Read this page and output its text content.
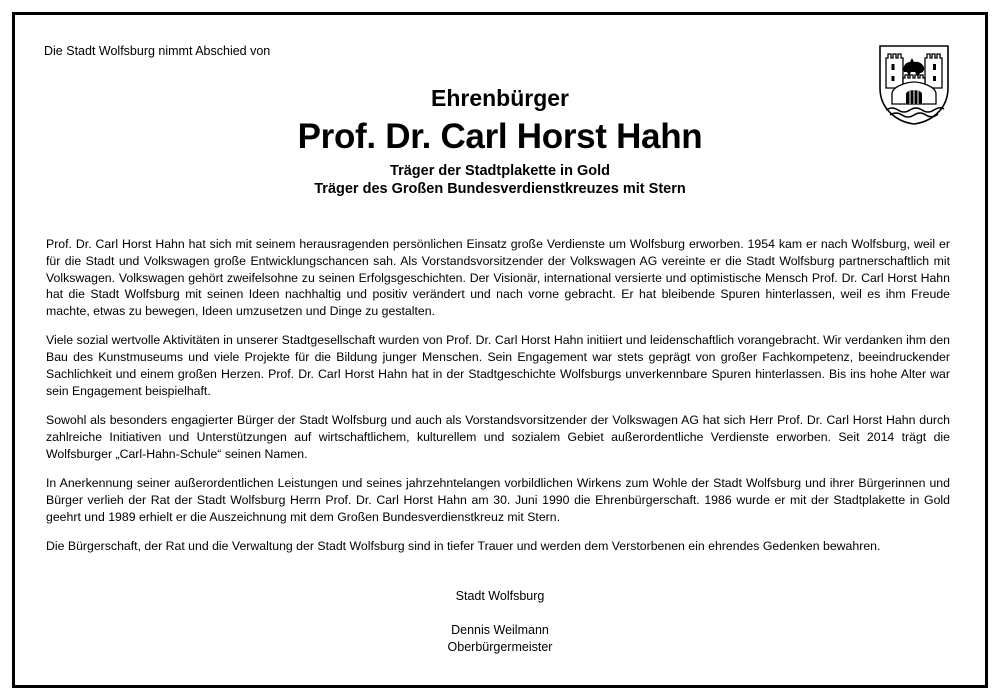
Die Stadt Wolfsburg nimmt Abschied von
Ehrenbürger
Prof. Dr. Carl Horst Hahn
Träger der Stadtplakette in Gold
Träger des Großen Bundesverdienstkreuzes mit Stern

Prof. Dr. Carl Horst Hahn hat sich mit seinem herausragenden persönlichen Einsatz große Verdienste um Wolfsburg erworben. 1954 kam er nach Wolfsburg, weil er für die Stadt und Volkswagen große Entwicklungschancen sah. Als Vorstandsvorsitzender der Volkswagen AG vereinte er die Stadt Wolfsburg partnerschaftlich mit Volkswagen. Volkswagen gehört zweifelsohne zu seinen Erfolgsgeschichten. Der Visionär, international versierte und optimistische Mensch Prof. Dr. Carl Horst Hahn hat die Stadt Wolfsburg mit seinen Ideen nachhaltig und positiv verändert und nach vorne gebracht. Er hat bleibende Spuren hinterlassen, weil es ihm Freude machte, etwas zu bewegen, Ideen umzusetzen und Dinge zu gestalten.

Viele sozial wertvolle Aktivitäten in unserer Stadtgesellschaft wurden von Prof. Dr. Carl Horst Hahn initiiert und leidenschaftlich vorangebracht. Wir verdanken ihm den Bau des Kunstmuseums und viele Projekte für die Bildung junger Menschen. Sein Engagement war stets geprägt von großer Fachkompetenz, beeindruckender Sachlichkeit und einem großen Herzen. Prof. Dr. Carl Horst Hahn hat in der Stadtgeschichte Wolfsburgs unverkennbare Spuren hinterlassen. Bis ins hohe Alter war sein Engagement beispielhaft.

Sowohl als besonders engagierter Bürger der Stadt Wolfsburg und auch als Vorstandsvorsitzender der Volkswagen AG hat sich Herr Prof. Dr. Carl Horst Hahn durch zahlreiche Initiativen und Unterstützungen auf wirtschaftlichem, kulturellem und sozialem Gebiet außerordentliche Verdienste erworben. Seit 2014 trägt die Wolfsburger „Carl-Hahn-Schule“ seinen Namen.

In Anerkennung seiner außerordentlichen Leistungen und seines jahrzehntelangen vorbildlichen Wirkens zum Wohle der Stadt Wolfsburg und ihrer Bürgerinnen und Bürger verlieh der Rat der Stadt Wolfsburg Herrn Prof. Dr. Carl Horst Hahn am 30. Juni 1990 die Ehrenbürgerschaft. 1986 wurde er mit der Stadtplakette in Gold geehrt und 1989 erhielt er die Auszeichnung mit dem Großen Bundesverdienstkreuz mit Stern.

Die Bürgerschaft, der Rat und die Verwaltung der Stadt Wolfsburg sind in tiefer Trauer und werden dem Verstorbenen ein ehrendes Gedenken bewahren.

Stadt Wolfsburg
Dennis Weilmann
Oberbürgermeister
